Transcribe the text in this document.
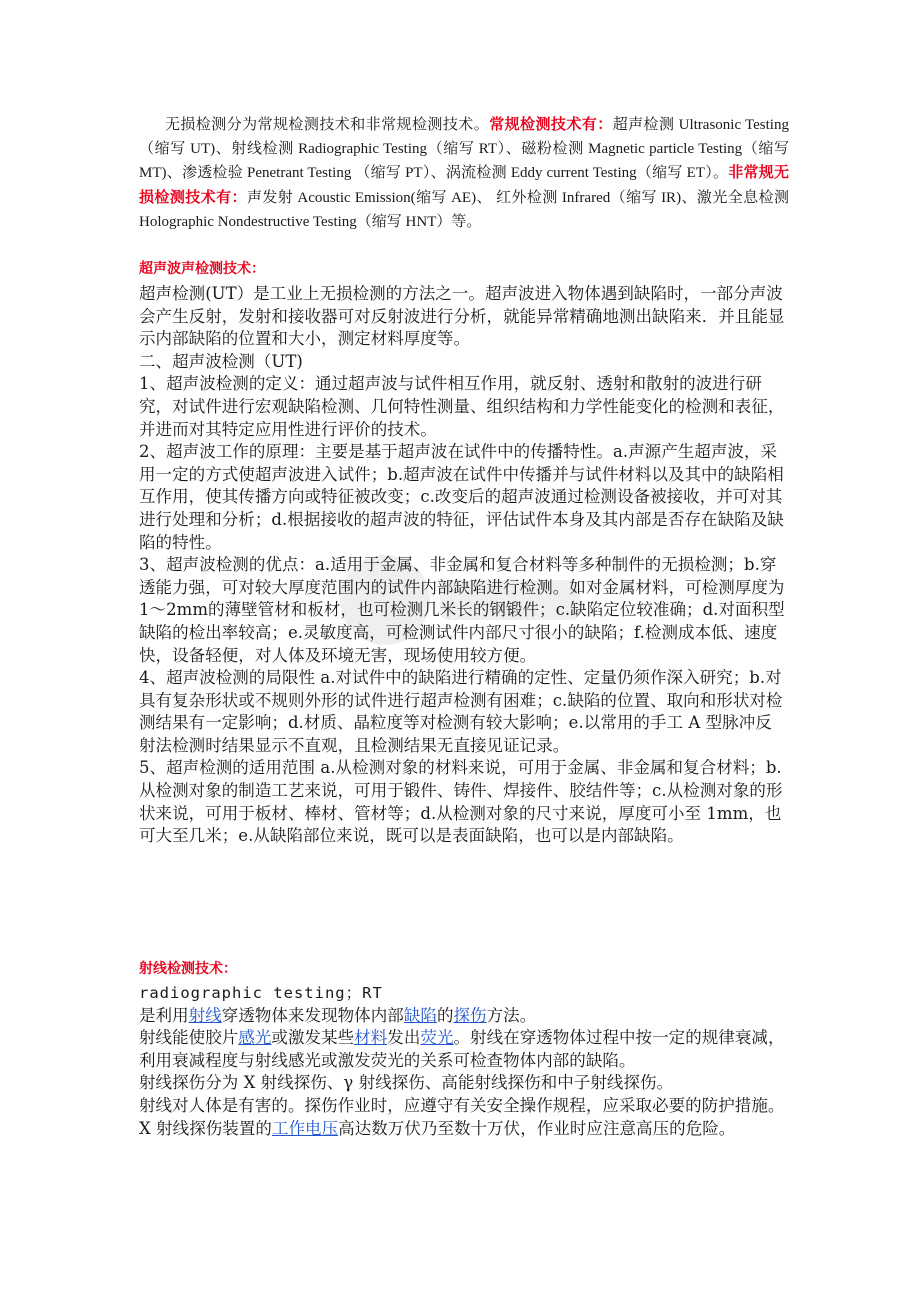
无损检测分为常规检测技术和非常规检测技术。常规检测技术有：超声检测 Ultrasonic Testing（缩写 UT)、射线检测 Radiographic Testing（缩写 RT）、磁粉检测 Magnetic particle Testing（缩写 MT)、渗透检验 Penetrant Testing （缩写 PT）、涡流检测 Eddy current Testing（缩写 ET）。非常规无损检测技术有：声发射 Acoustic Emission(缩写 AE)、 红外检测 Infrared（缩写 IR)、激光全息检测 Holographic Nondestructive Testing（缩写 HNT）等。
超声波声检测技术：

超声检测(UT）是工业上无损检测的方法之一。超声波进入物体遇到缺陷时，一部分声波会产生反射，发射和接收器可对反射波进行分析，就能异常精确地测出缺陷来．并且能显示内部缺陷的位置和大小，测定材料厚度等。

二、超声波检测（UT)

1、超声波检测的定义：通过超声波与试件相互作用，就反射、透射和散射的波进行研究，对试件进行宏观缺陷检测、几何特性测量、组织结构和力学性能变化的检测和表征，并进而对其特定应用性进行评价的技术。

2、超声波工作的原理：主要是基于超声波在试件中的传播特性。a.声源产生超声波，采用一定的方式使超声波进入试件；b.超声波在试件中传播并与试件材料以及其中的缺陷相互作用，使其传播方向或特征被改变；c.改变后的超声波通过检测设备被接收，并可对其进行处理和分析；d.根据接收的超声波的特征，评估试件本身及其内部是否存在缺陷及缺陷的特性。

3、超声波检测的优点：a.适用于金属、非金属和复合材料等多种制件的无损检测；b.穿透能力强，可对较大厚度范围内的试件内部缺陷进行检测。如对金属材料，可检测厚度为1～2mm的薄壁管材和板材，也可检测几米长的钢锻件；c.缺陷定位较准确；d.对面积型缺陷的检出率较高；e.灵敏度高，可检测试件内部尺寸很小的缺陷；f.检测成本低、速度快，设备轻便，对人体及环境无害，现场使用较方便。

4、超声波检测的局限性 a.对试件中的缺陷进行精确的定性、定量仍须作深入研究；b.对具有复杂形状或不规则外形的试件进行超声检测有困难；c.缺陷的位置、取向和形状对检测结果有一定影响；d.材质、晶粒度等对检测有较大影响；e.以常用的手工 A 型脉冲反射法检测时结果显示不直观，且检测结果无直接见证记录。

5、超声检测的适用范围 a.从检测对象的材料来说，可用于金属、非金属和复合材料；b.从检测对象的制造工艺来说，可用于锻件、铸件、焊接件、胶结件等；c.从检测对象的形状来说，可用于板材、棒材、管材等；d.从检测对象的尺寸来说，厚度可小至 1mm，也可大至几米；e.从缺陷部位来说，既可以是表面缺陷，也可以是内部缺陷。

射线检测技术：

radiographic testing；RT

是利用射线穿透物体来发现物体内部缺陷的探伤方法。

射线能使胶片感光或激发某些材料发出荧光。射线在穿透物体过程中按一定的规律衰减，利用衰减程度与射线感光或激发荧光的关系可检查物体内部的缺陷。

射线探伤分为 X 射线探伤、γ 射线探伤、高能射线探伤和中子射线探伤。

射线对人体是有害的。探伤作业时，应遵守有关安全操作规程，应采取必要的防护措施。

X 射线探伤装置的工作电压高达数万伏乃至数十万伏，作业时应注意高压的危险。
